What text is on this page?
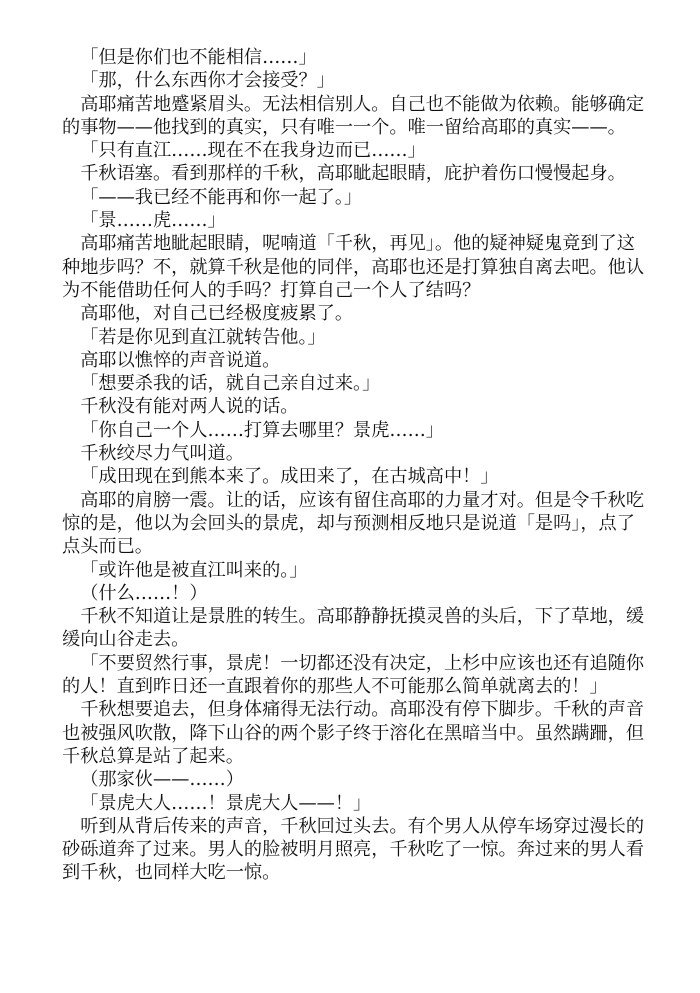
「但是你们也不能相信……」

「那，什么东西你才会接受？」

高耶痛苦地蹙紧眉头。无法相信别人。自己也不能做为依赖。能够确定的事物——他找到的真实，只有唯一一个。唯一留给高耶的真实——。

「只有直江……现在不在我身边而已……」

千秋语塞。看到那样的千秋，高耶眦起眼睛，庇护着伤口慢慢起身。

「——我已经不能再和你一起了。」

「景……虎……」

高耶痛苦地眦起眼睛，呢喃道「千秋，再见」。他的疑神疑鬼竟到了这种地步吗？不，就算千秋是他的同伴，高耶也还是打算独自离去吧。他认为不能借助任何人的手吗？打算自己一个人了结吗？

高耶他，对自己已经极度疲累了。

「若是你见到直江就转告他。」

高耶以憔悴的声音说道。

「想要杀我的话，就自己亲自过来。」

千秋没有能对两人说的话。

「你自己一个人……打算去哪里？景虎……」

千秋绞尽力气叫道。

「成田现在到熊本来了。成田来了，在古城高中！」

高耶的肩膀一震。让的话，应该有留住高耶的力量才对。但是令千秋吃惊的是，他以为会回头的景虎，却与预测相反地只是说道「是吗」，点了点头而已。

「或许他是被直江叫来的。」

（什么……！）

千秋不知道让是景胜的转生。高耶静静抚摸灵兽的头后，下了草地，缓缓向山谷走去。

「不要贸然行事，景虎！一切都还没有决定，上杉中应该也还有追随你的人！直到昨日还一直跟着你的那些人不可能那么简单就离去的！」

千秋想要追去，但身体痛得无法行动。高耶没有停下脚步。千秋的声音也被强风吹散，降下山谷的两个影子终于溶化在黑暗当中。虽然蹒跚，但千秋总算是站了起来。

（那家伙——……）

「景虎大人……！景虎大人——！」

听到从背后传来的声音，千秋回过头去。有个男人从停车场穿过漫长的砂砾道奔了过来。男人的脸被明月照亮，千秋吃了一惊。奔过来的男人看到千秋，也同样大吃一惊。
